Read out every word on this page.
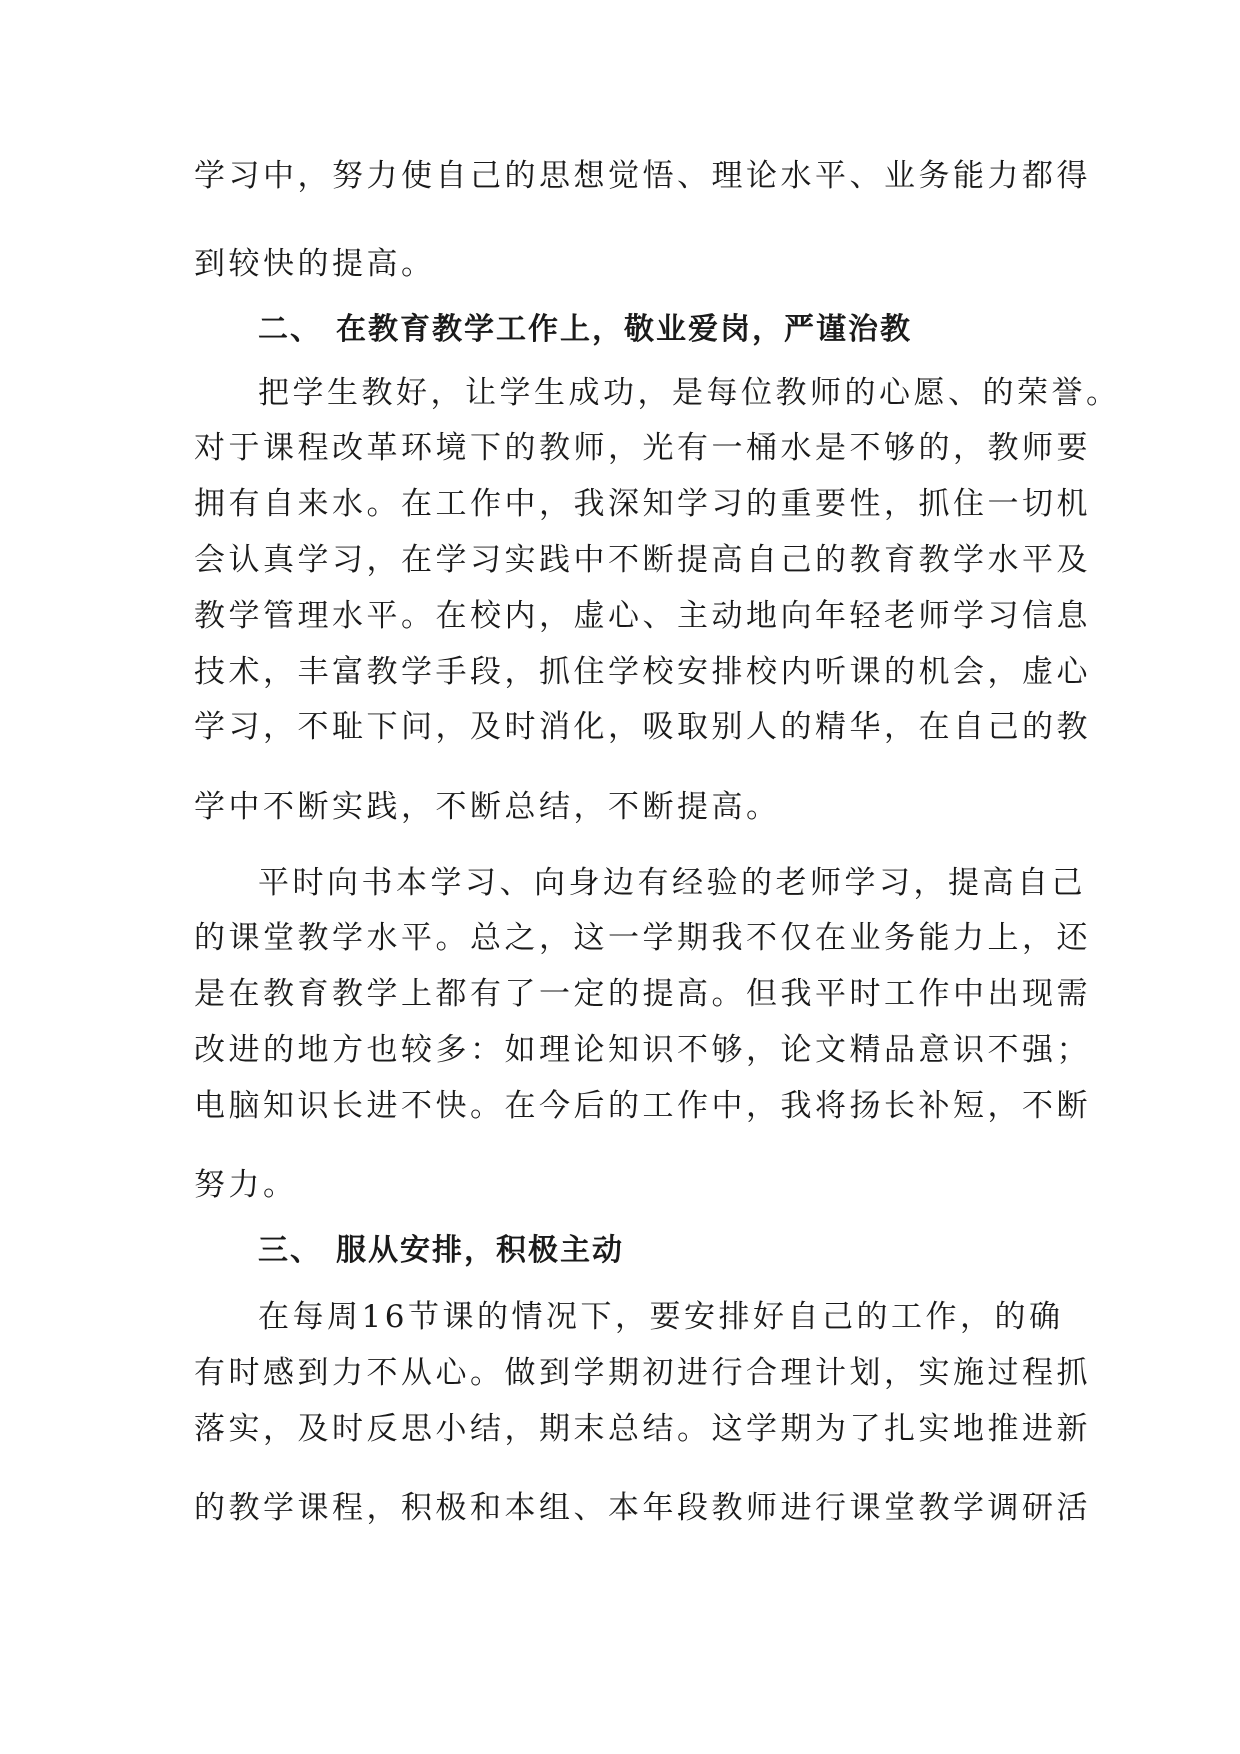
学习中，努力使自己的思想觉悟、理论水平、业务能力都得
到较快的提高。
二、 在教育教学工作上，敬业爱岗，严谨治教
把学生教好，让学生成功，是每位教师的心愿、的荣誉。
对于课程改革环境下的教师，光有一桶水是不够的，教师要
拥有自来水。在工作中，我深知学习的重要性，抓住一切机
会认真学习，在学习实践中不断提高自己的教育教学水平及
教学管理水平。在校内，虚心、主动地向年轻老师学习信息
技术，丰富教学手段，抓住学校安排校内听课的机会，虚心
学习，不耻下问，及时消化，吸取别人的精华，在自己的教
学中不断实践，不断总结，不断提高。
平时向书本学习、向身边有经验的老师学习，提高自己
的课堂教学水平。总之，这一学期我不仅在业务能力上，还
是在教育教学上都有了一定的提高。但我平时工作中出现需
改进的地方也较多：如理论知识不够，论文精品意识不强；
电脑知识长进不快。在今后的工作中，我将扬长补短，不断
努力。
三、 服从安排，积极主动
在每周16节课的情况下，要安排好自己的工作，的确
有时感到力不从心。做到学期初进行合理计划，实施过程抓
落实，及时反思小结，期末总结。这学期为了扎实地推进新
的教学课程，积极和本组、本年段教师进行课堂教学调研活
